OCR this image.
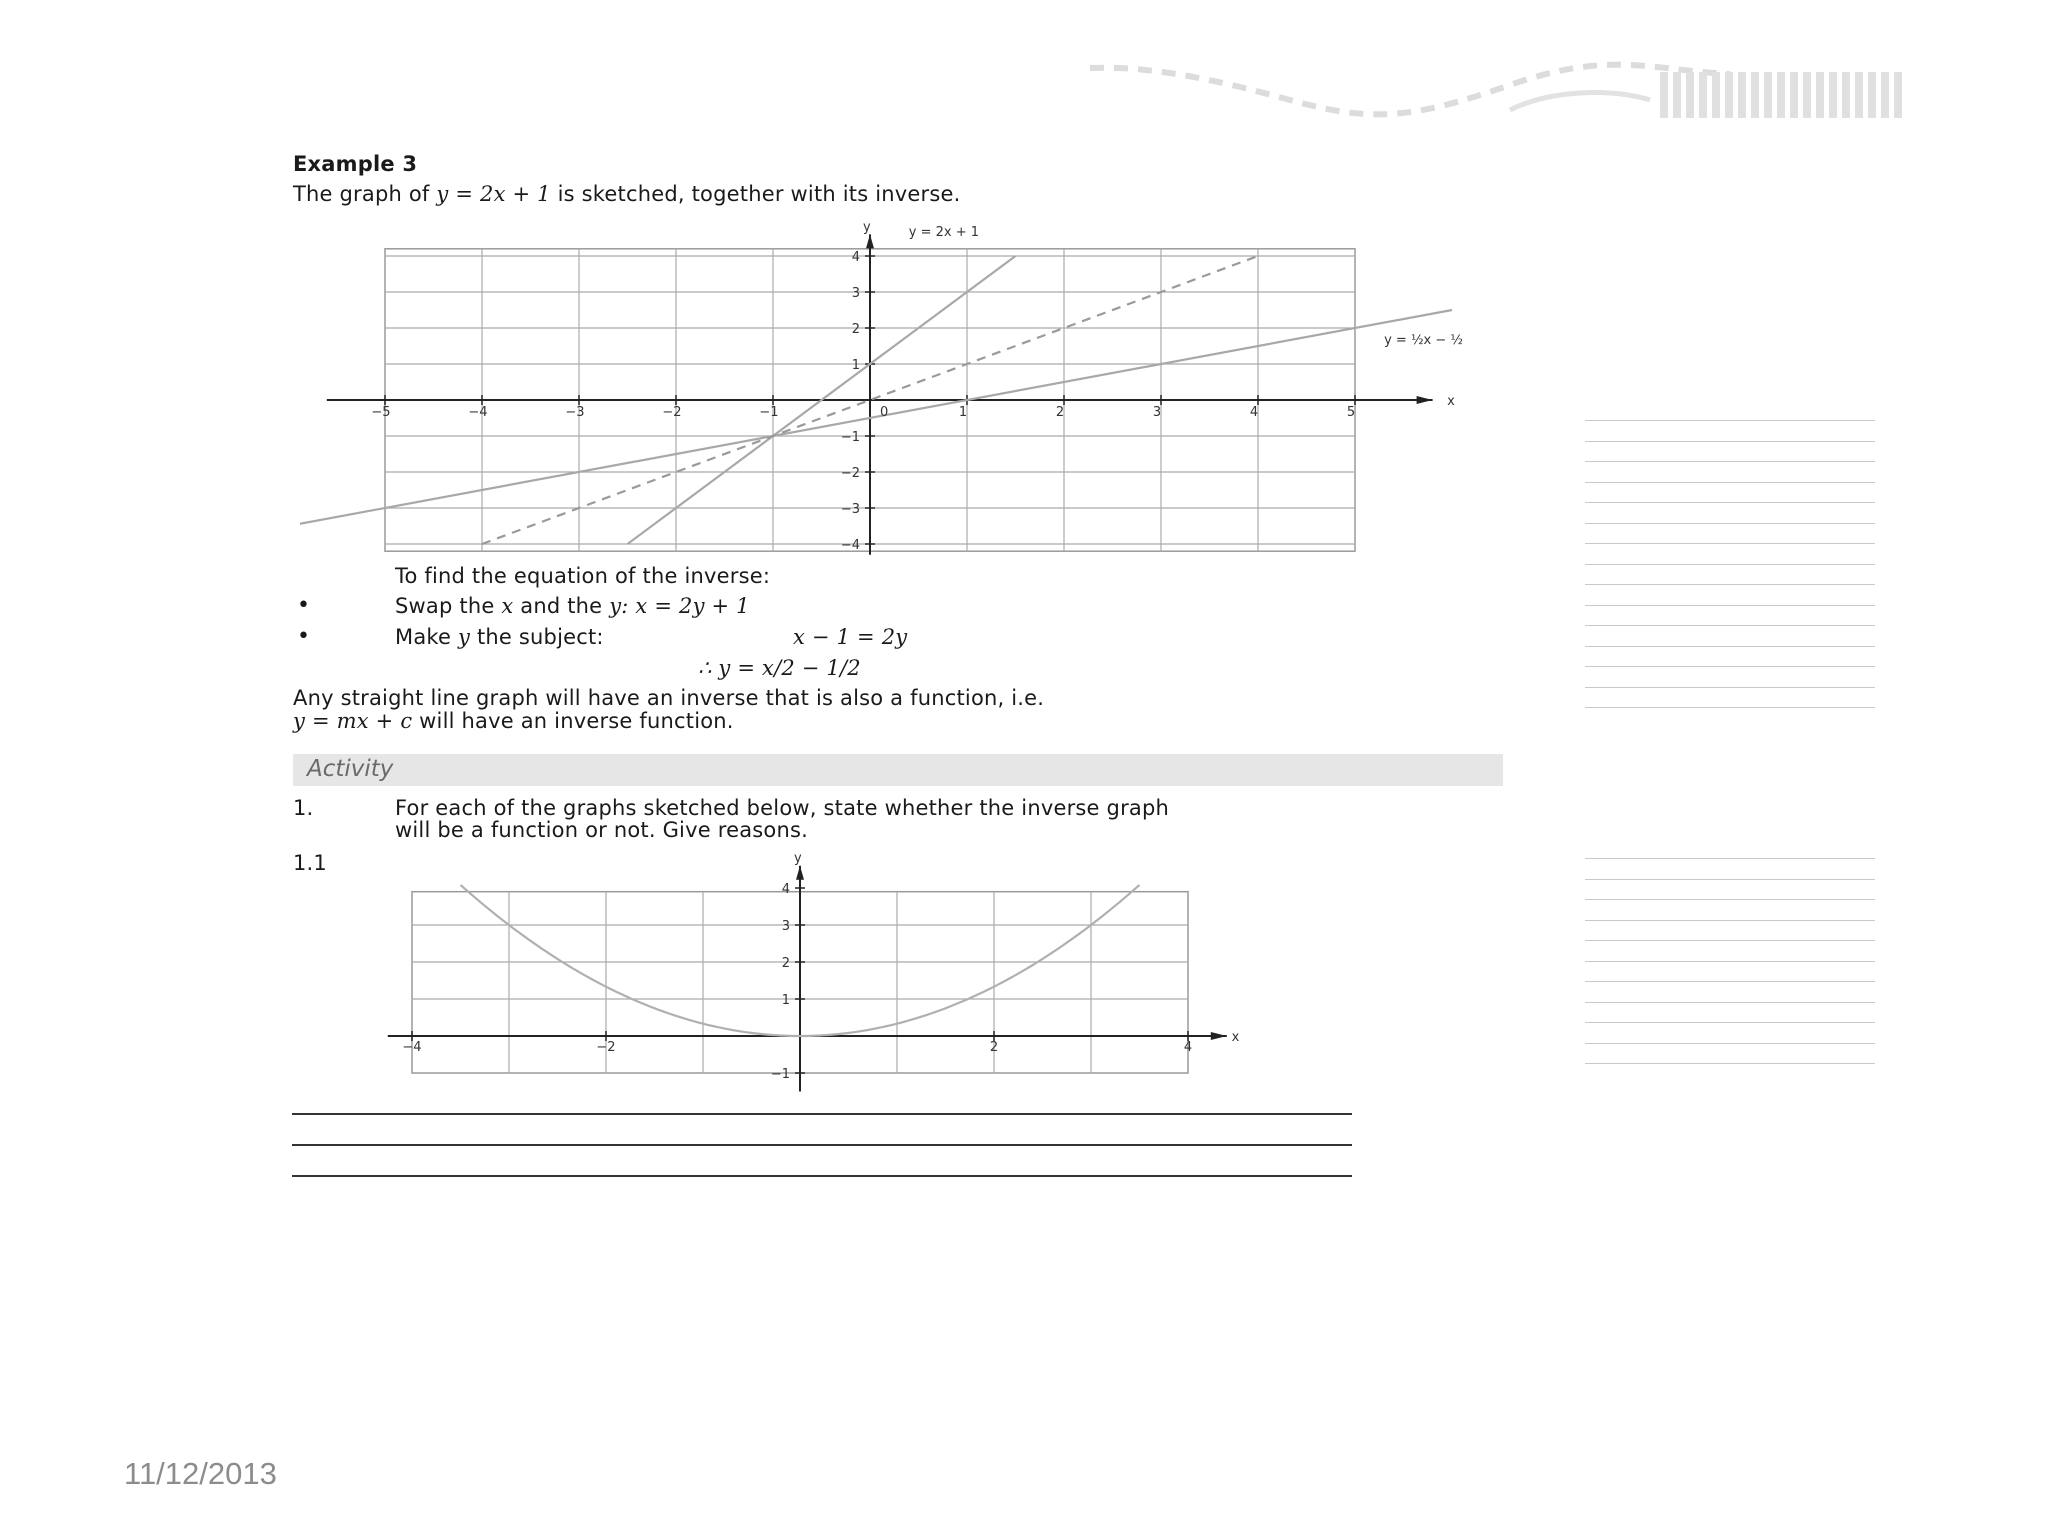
Example 3
The graph of y = 2x + 1 is sketched, together with its inverse.
−5	−4	−3	−2	−1	1	2	3	4	5
−4
−3
−2
−1
1
2
3
4
y = 2x + 1
y = ½x − ½
x
y
0
To find the equation of the inverse:
•	Swap the x and the y: x = 2y + 1
•	Make y the subject:	x − 1 = 2y
∴ y = x/2 − 1/2
Any straight line graph will have an inverse that is also a function, i.e.
y = mx + c will have an inverse function.
Activity
1.	For each of the graphs sketched below, state whether the inverse graph
will be a function or not. Give reasons.
1.1
−4	−2	2	4
−1
1
2
3
4
x
y
11/12/2013
